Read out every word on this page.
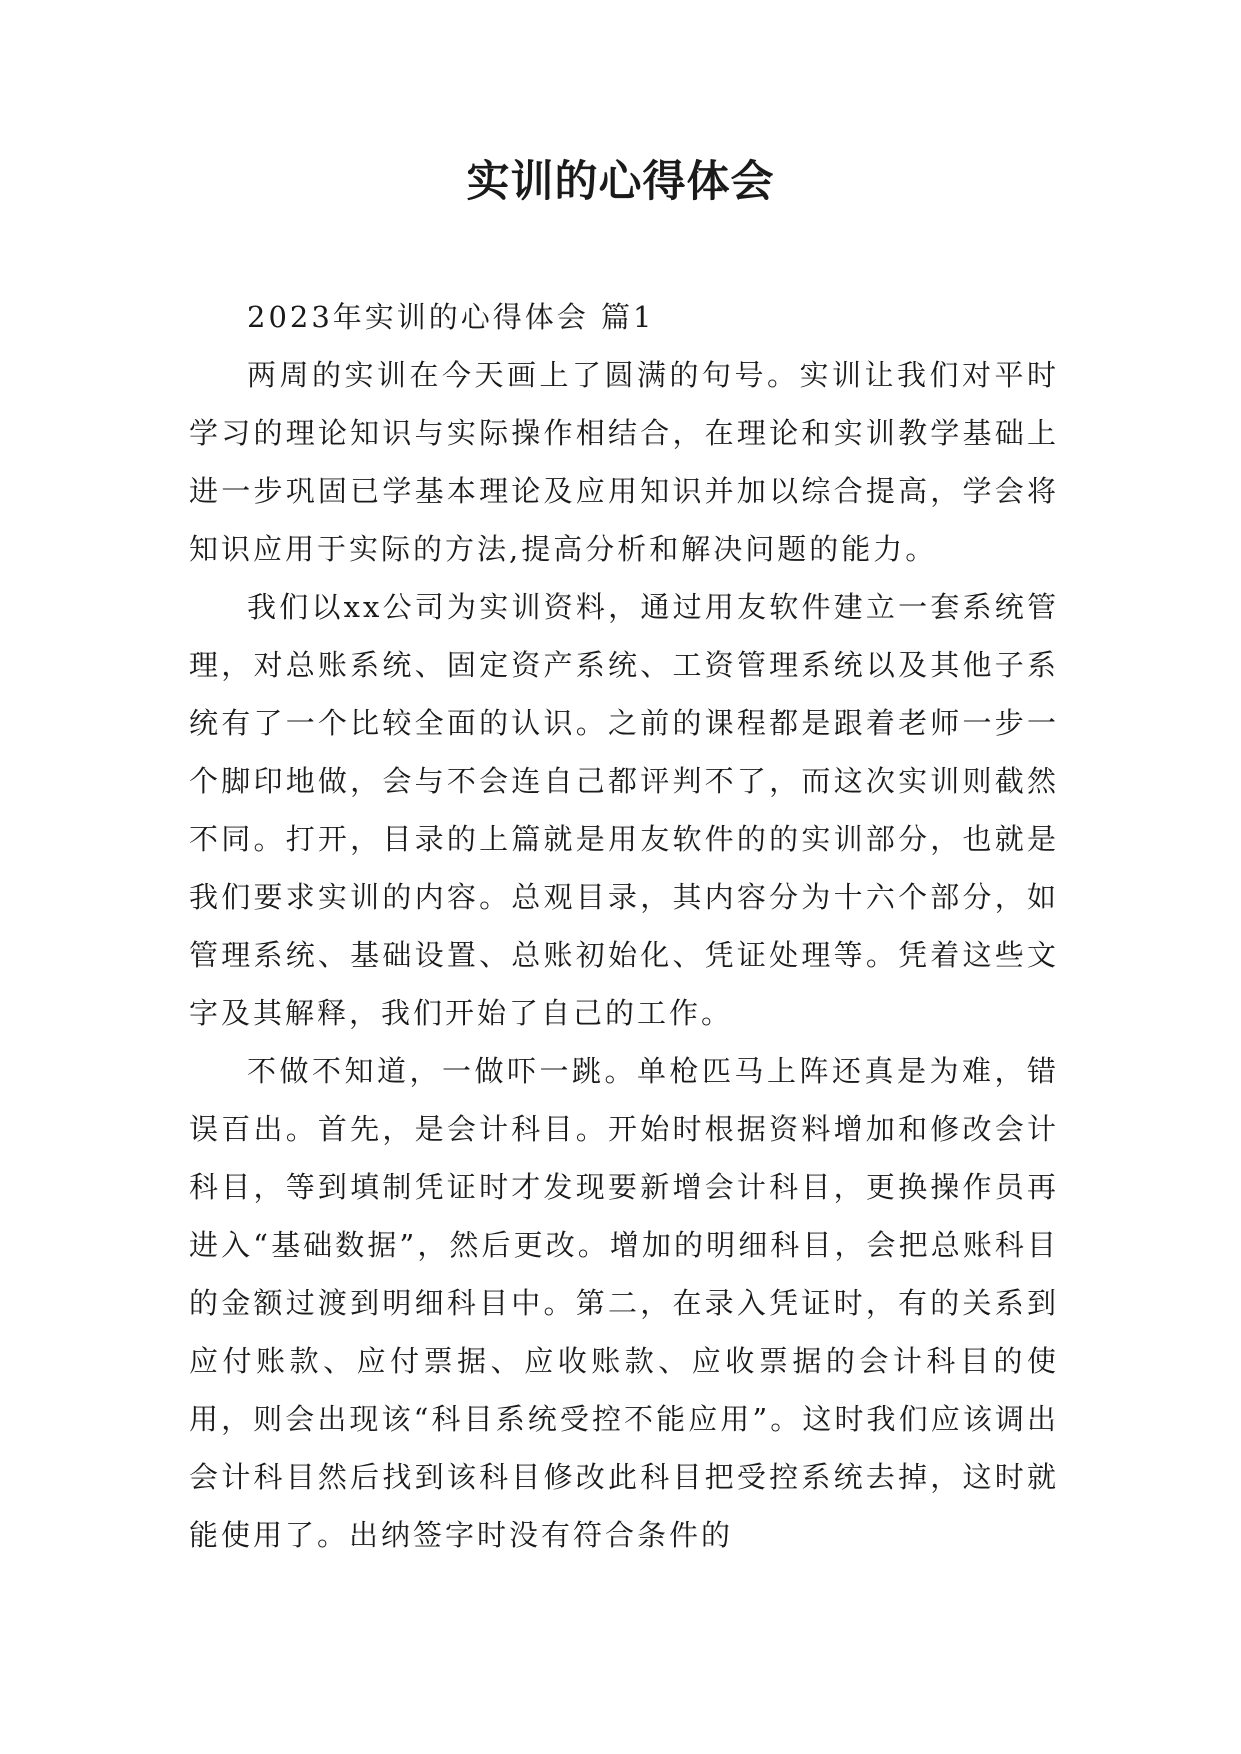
实训的心得体会

2023年实训的心得体会 篇1

两周的实训在今天画上了圆满的句号。实训让我们对平时学习的理论知识与实际操作相结合，在理论和实训教学基础上进一步巩固已学基本理论及应用知识并加以综合提高，学会将知识应用于实际的方法,提高分析和解决问题的能力。

我们以xx公司为实训资料，通过用友软件建立一套系统管理，对总账系统、固定资产系统、工资管理系统以及其他子系统有了一个比较全面的认识。之前的课程都是跟着老师一步一个脚印地做，会与不会连自己都评判不了，而这次实训则截然不同。打开，目录的上篇就是用友软件的的实训部分，也就是我们要求实训的内容。总观目录，其内容分为十六个部分，如管理系统、基础设置、总账初始化、凭证处理等。凭着这些文字及其解释，我们开始了自己的工作。

不做不知道，一做吓一跳。单枪匹马上阵还真是为难，错误百出。首先，是会计科目。开始时根据资料增加和修改会计科目，等到填制凭证时才发现要新增会计科目，更换操作员再进入“基础数据”，然后更改。增加的明细科目，会把总账科目的金额过渡到明细科目中。第二，在录入凭证时，有的关系到应付账款、应付票据、应收账款、应收票据的会计科目的使用，则会出现该“科目系统受控不能应用”。这时我们应该调出会计科目然后找到该科目修改此科目把受控系统去掉，这时就能使用了。出纳签字时没有符合条件的
